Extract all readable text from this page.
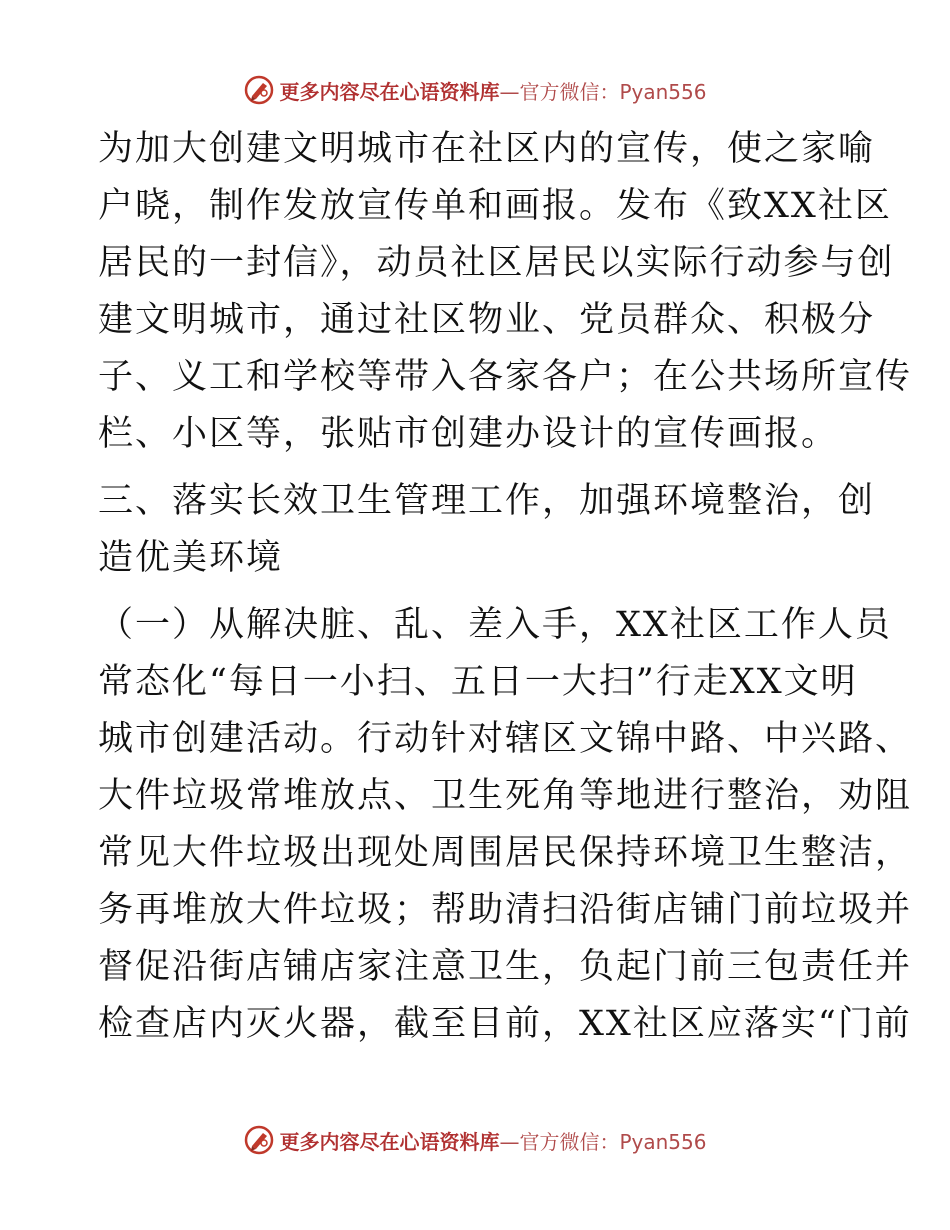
更多内容尽在心语资料库—官方微信：Pyan556
为加大创建文明城市在社区内的宣传，使之家喻
户晓，制作发放宣传单和画报。发布《致XX社区
居民的一封信》，动员社区居民以实际行动参与创
建文明城市，通过社区物业、党员群众、积极分
子、义工和学校等带入各家各户；在公共场所宣传
栏、小区等，张贴市创建办设计的宣传画报。
三、落实长效卫生管理工作，加强环境整治，创
造优美环境
（一）从解决脏、乱、差入手，XX社区工作人员
常态化“每日一小扫、五日一大扫”行走XX文明
城市创建活动。行动针对辖区文锦中路、中兴路、
大件垃圾常堆放点、卫生死角等地进行整治，劝阻
常见大件垃圾出现处周围居民保持环境卫生整洁，
务再堆放大件垃圾；帮助清扫沿街店铺门前垃圾并
督促沿街店铺店家注意卫生，负起门前三包责任并
检查店内灭火器，截至目前，XX社区应落实“门前
更多内容尽在心语资料库—官方微信：Pyan556
